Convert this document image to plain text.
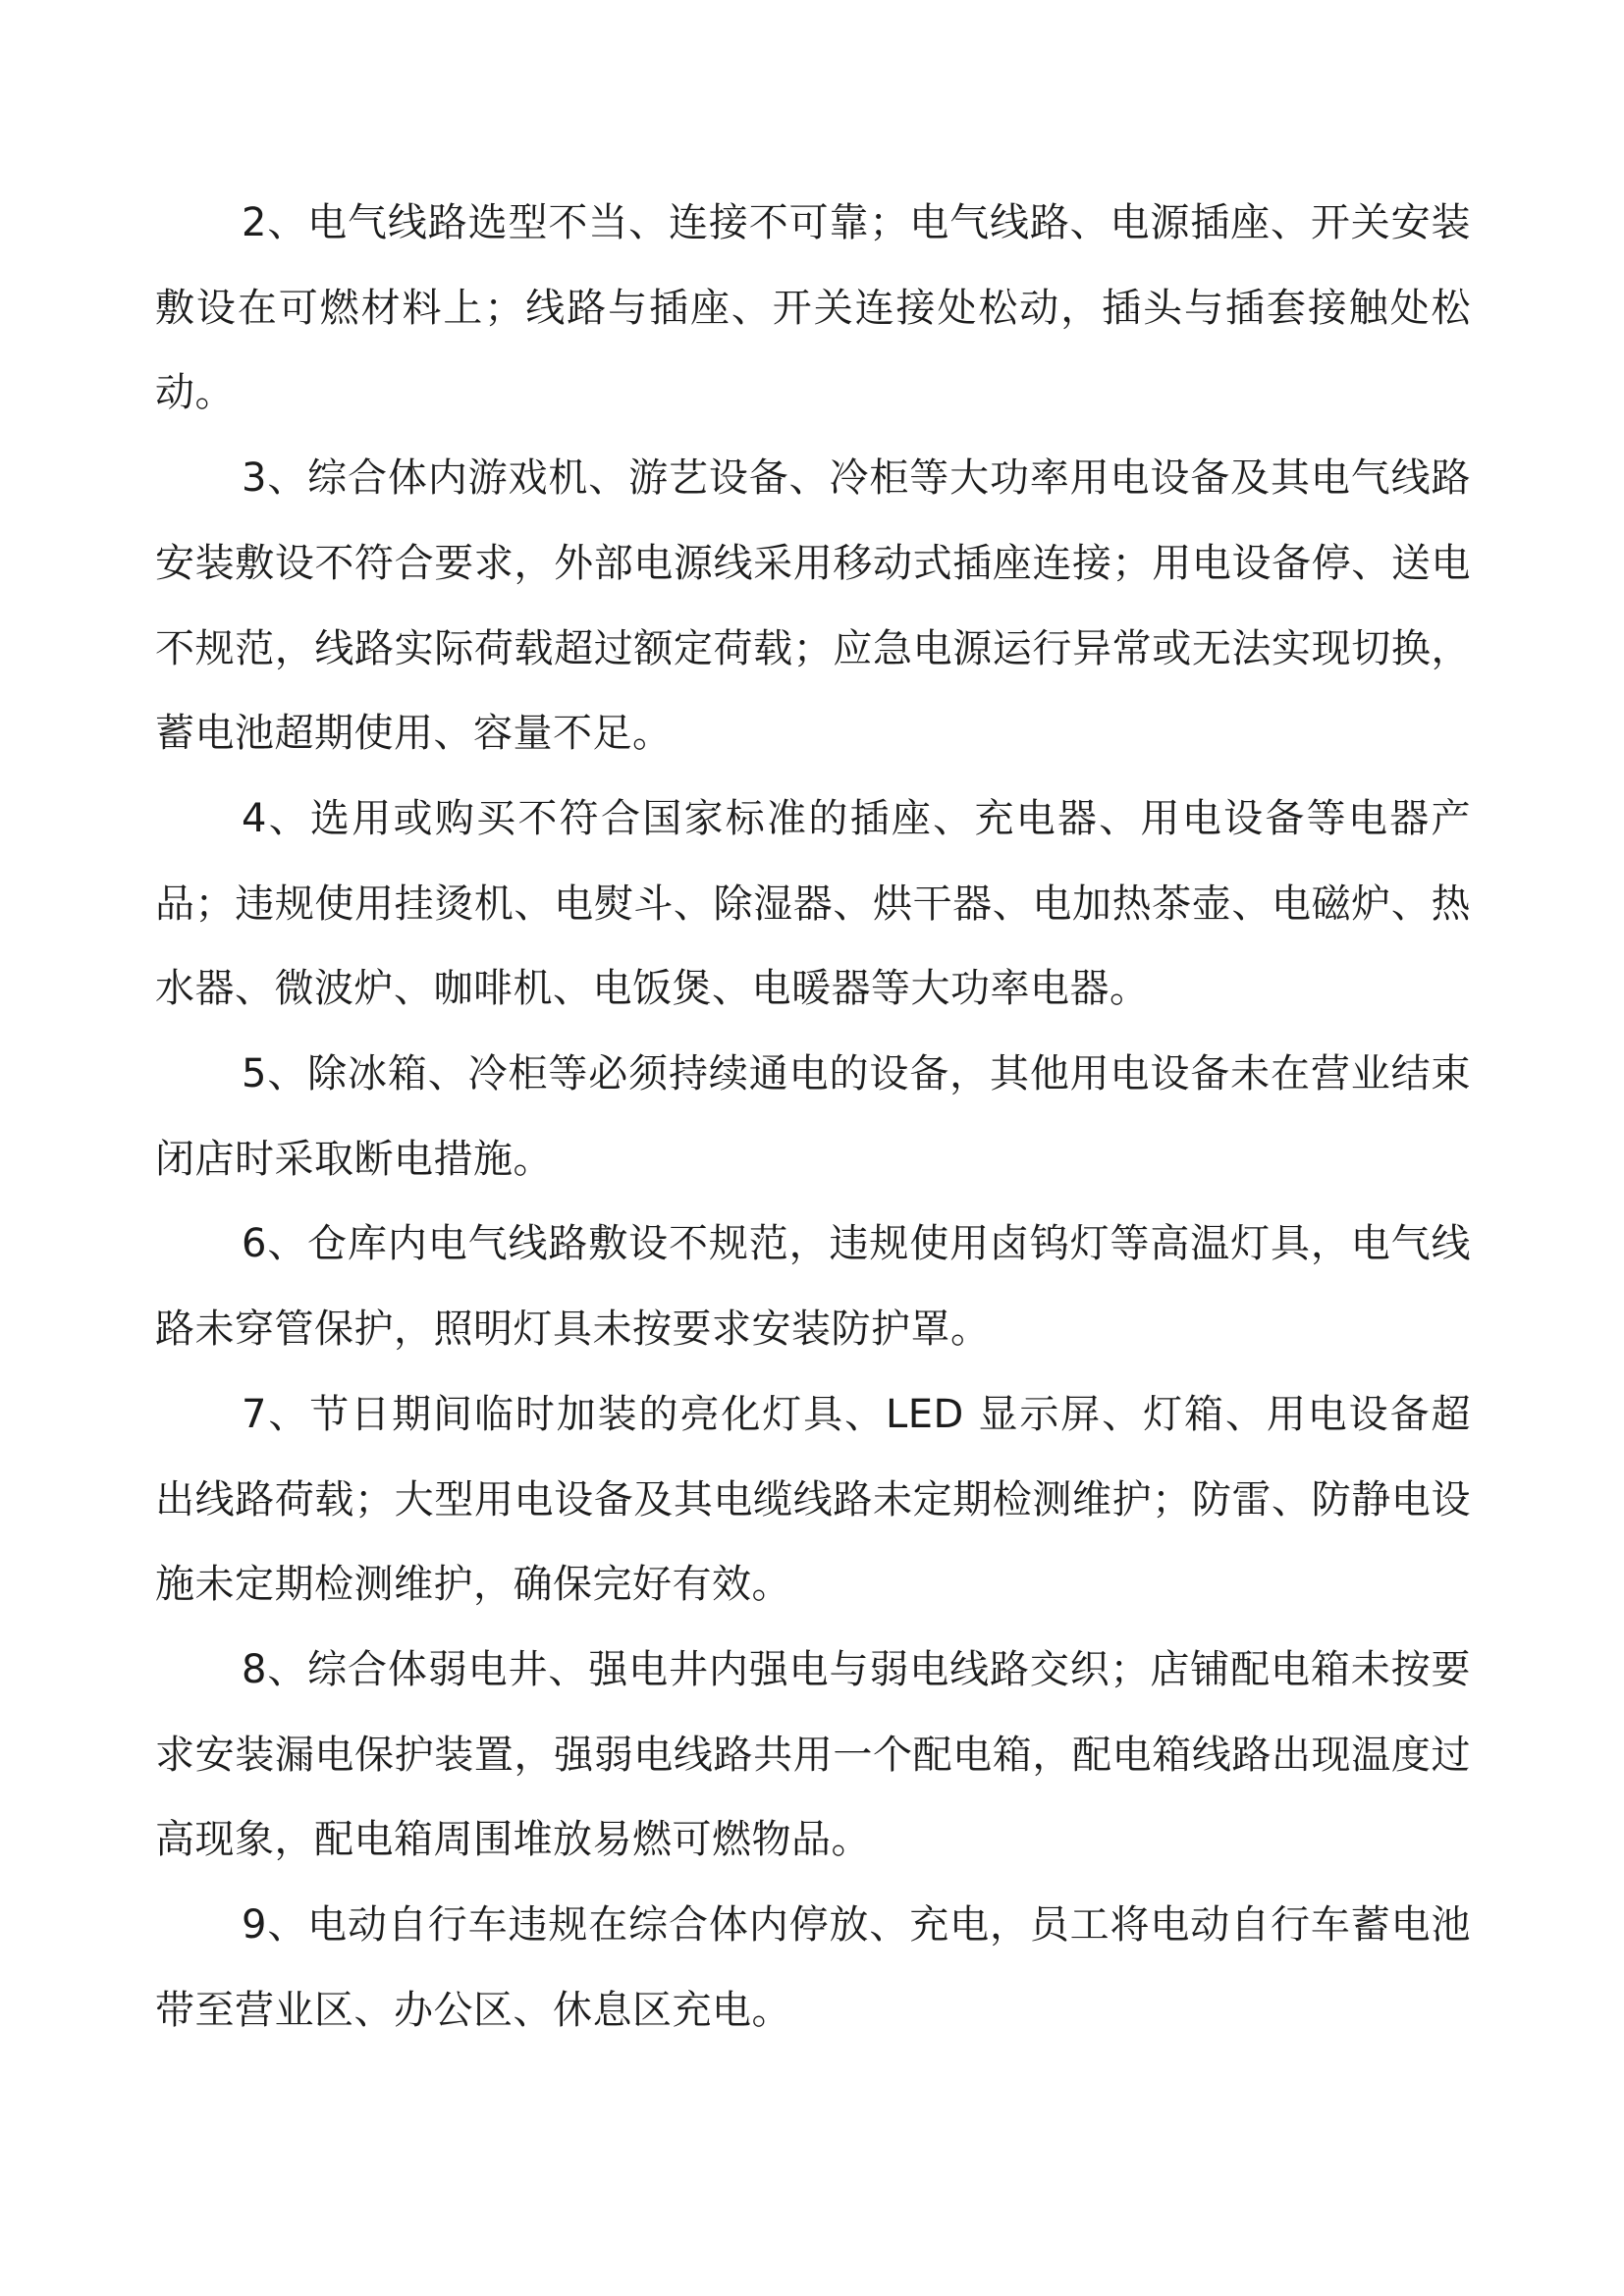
2、电气线路选型不当、连接不可靠；电气线路、电源插座、开关安装敷设在可燃材料上；线路与插座、开关连接处松动，插头与插套接触处松动。

3、综合体内游戏机、游艺设备、冷柜等大功率用电设备及其电气线路安装敷设不符合要求，外部电源线采用移动式插座连接；用电设备停、送电不规范，线路实际荷载超过额定荷载；应急电源运行异常或无法实现切换，蓄电池超期使用、容量不足。

4、选用或购买不符合国家标准的插座、充电器、用电设备等电器产品；违规使用挂烫机、电熨斗、除湿器、烘干器、电加热茶壶、电磁炉、热水器、微波炉、咖啡机、电饭煲、电暖器等大功率电器。

5、除冰箱、冷柜等必须持续通电的设备，其他用电设备未在营业结束闭店时采取断电措施。

6、仓库内电气线路敷设不规范，违规使用卤钨灯等高温灯具，电气线路未穿管保护，照明灯具未按要求安装防护罩。

7、节日期间临时加装的亮化灯具、LED 显示屏、灯箱、用电设备超出线路荷载；大型用电设备及其电缆线路未定期检测维护；防雷、防静电设施未定期检测维护，确保完好有效。

8、综合体弱电井、强电井内强电与弱电线路交织；店铺配电箱未按要求安装漏电保护装置，强弱电线路共用一个配电箱，配电箱线路出现温度过高现象，配电箱周围堆放易燃可燃物品。

9、电动自行车违规在综合体内停放、充电，员工将电动自行车蓄电池带至营业区、办公区、休息区充电。
